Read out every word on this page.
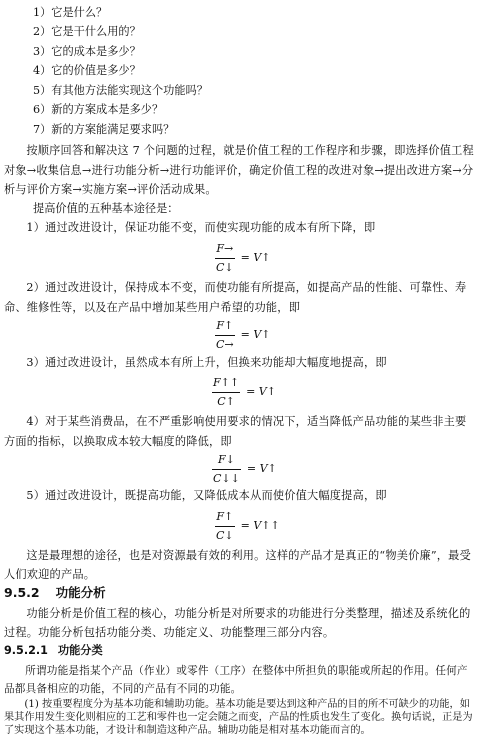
1）它是什么？
2）它是干什么用的？
3）它的成本是多少？
4）它的价值是多少？
5）有其他方法能实现这个功能吗？
6）新的方案成本是多少？
7）新的方案能满足要求吗？
按顺序回答和解决这 7 个问题的过程，就是价值工程的工作程序和步骤，即选择价值工程对象→收集信息→进行功能分析→进行功能评价，确定价值工程的改进对象→提出改进方案→分析与评价方案→实施方案→评价活动成果。
提高价值的五种基本途径是：
1）通过改进设计，保证功能不变，而使实现功能的成本有所下降，即
$\frac{F\to}{C↓}$ = V↑
2）通过改进设计，保持成本不变，而使功能有所提高，如提高产品的性能、可靠性、寿命、维修性等，以及在产品中增加某些用户希望的功能，即
$\frac{F↑}{C\to}$ = V↑
3）通过改进设计，虽然成本有所上升，但换来功能却大幅度地提高，即
$\frac{F↑↑}{C↑}$ = V↑
4）对于某些消费品，在不严重影响使用要求的情况下，适当降低产品功能的某些非主要方面的指标，以换取成本较大幅度的降低，即
$\frac{F↓}{C↓↓}$ = V↑
5）通过改进设计，既提高功能，又降低成本从而使价值大幅度提高，即
$\frac{F↑}{C↓}$ = V↑↑
这是最理想的途径，也是对资源最有效的利用。这样的产品才是真正的“物美价廉”，最受人们欢迎的产品。
9.5.2 功能分析
功能分析是价值工程的核心，功能分析是对所要求的功能进行分类整理，描述及系统化的过程。功能分析包括功能分类、功能定义、功能整理三部分内容。
9.5.2.1 功能分类
所谓功能是指某个产品（作业）或零件（工序）在整体中所担负的职能或所起的作用。任何产品都具备相应的功能，不同的产品有不同的功能。
(1) 按重要程度分为基本功能和辅助功能。基本功能是要达到这种产品的目的所不可缺少的功能，如果其作用发生变化则相应的工艺和零件也一定会随之而变，产品的性质也发生了变化。换句话说，正是为了实现这个基本功能，才设计和制造这种产品。辅助功能是相对基本功能而言的。
